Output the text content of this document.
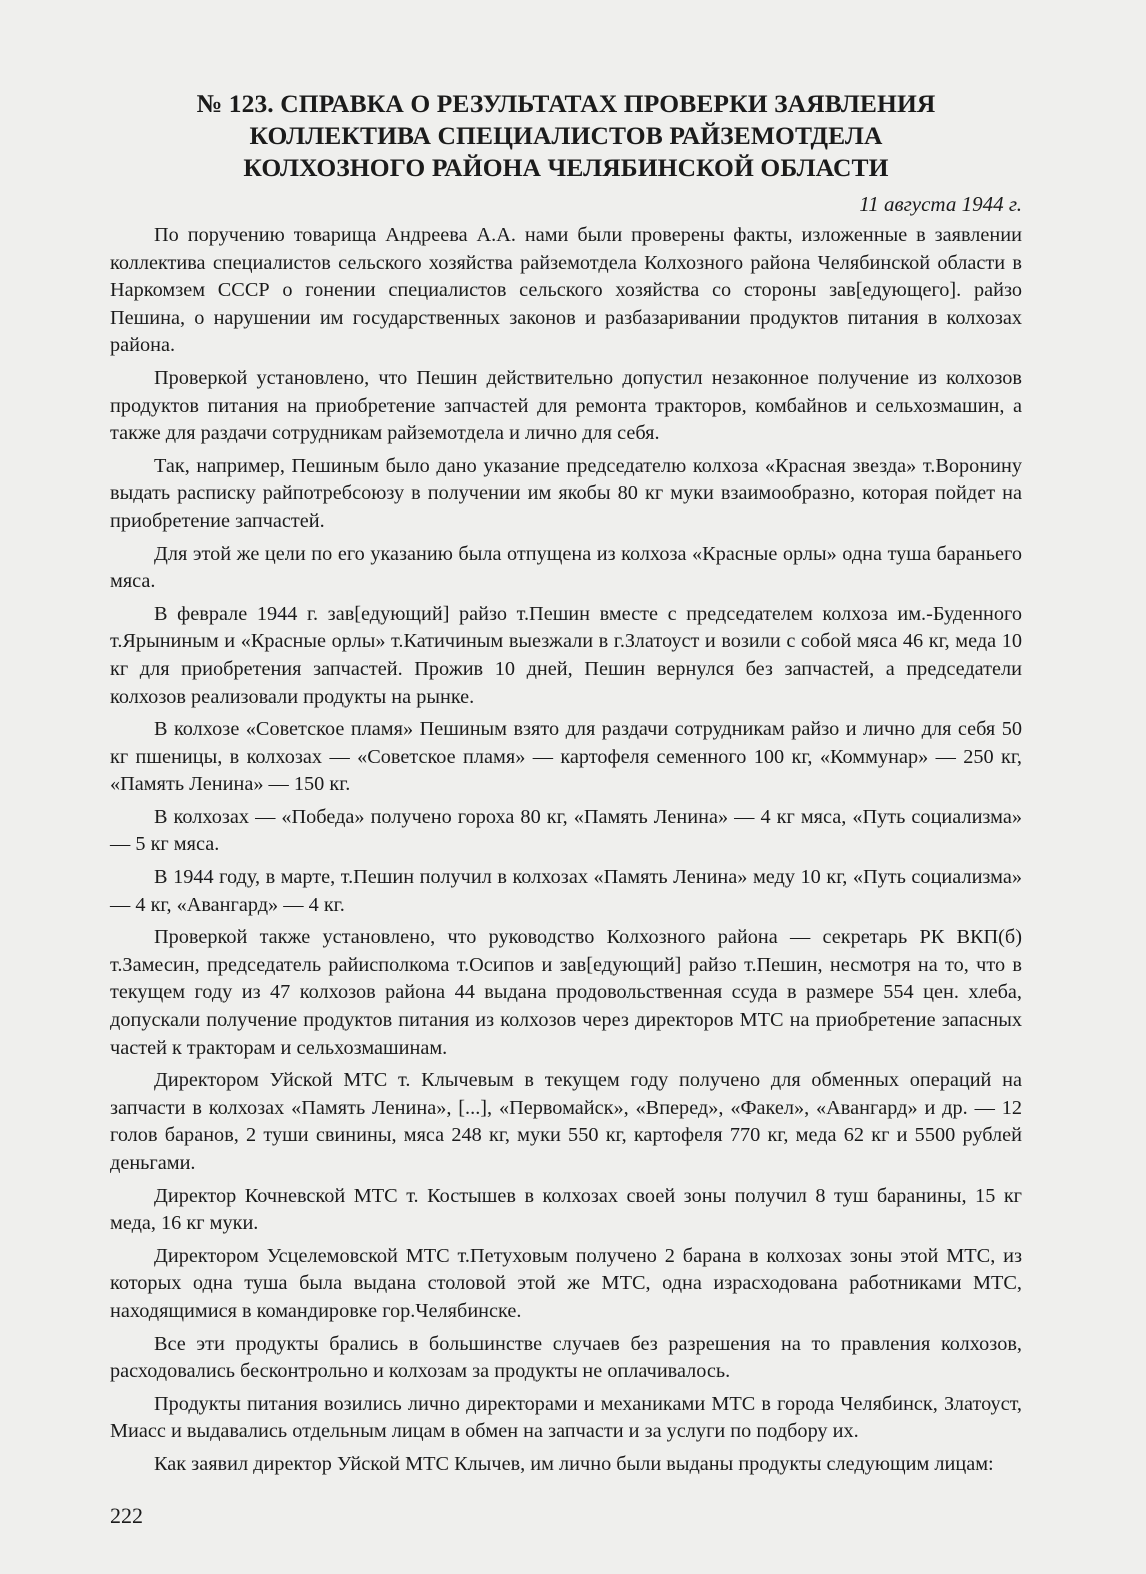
№ 123. СПРАВКА О РЕЗУЛЬТАТАХ ПРОВЕРКИ ЗАЯВЛЕНИЯ
КОЛЛЕКТИВА СПЕЦИАЛИСТОВ РАЙЗЕМОТДЕЛА
КОЛХОЗНОГО РАЙОНА ЧЕЛЯБИНСКОЙ ОБЛАСТИ
11 августа 1944 г.

По поручению товарища Андреева А.А. нами были проверены факты, изложенные в заявлении коллектива специалистов сельского хозяйства райземотдела Колхозного района Челябинской области в Наркомзем СССР о гонении специалистов сельского хозяйства со стороны зав[едующего]. райзо Пешина, о нарушении им государственных законов и разбазаривании продуктов питания в колхозах района.

Проверкой установлено, что Пешин действительно допустил незаконное получение из колхозов продуктов питания на приобретение запчастей для ремонта тракторов, комбайнов и сельхозмашин, а также для раздачи сотрудникам райземотдела и лично для себя.

Так, например, Пешиным было дано указание председателю колхоза «Красная звезда» т.Воронину выдать расписку райпотребсоюзу в получении им якобы 80 кг муки взаимообразно, которая пойдет на приобретение запчастей.

Для этой же цели по его указанию была отпущена из колхоза «Красные орлы» одна туша бараньего мяса.

В феврале 1944 г. зав[едующий] райзо т.Пешин вместе с председателем колхоза им.-Буденного т.Ярыниным и «Красные орлы» т.Катичиным выезжали в г.Златоуст и возили с собой мяса 46 кг, меда 10 кг для приобретения запчастей. Прожив 10 дней, Пешин вернулся без запчастей, а председатели колхозов реализовали продукты на рынке.

В колхозе «Советское пламя» Пешиным взято для раздачи сотрудникам райзо и лично для себя 50 кг пшеницы, в колхозах — «Советское пламя» — картофеля семенного 100 кг, «Коммунар» — 250 кг, «Память Ленина» — 150 кг.

В колхозах — «Победа» получено гороха 80 кг, «Память Ленина» — 4 кг мяса, «Путь социализма» — 5 кг мяса.

В 1944 году, в марте, т.Пешин получил в колхозах «Память Ленина» меду 10 кг, «Путь социализма» — 4 кг, «Авангард» — 4 кг.

Проверкой также установлено, что руководство Колхозного района — секретарь РК ВКП(б) т.Замесин, председатель райисполкома т.Осипов и зав[едующий] райзо т.Пешин, несмотря на то, что в текущем году из 47 колхозов района 44 выдана продовольственная ссуда в размере 554 цен. хлеба, допускали получение продуктов питания из колхозов через директоров МТС на приобретение запасных частей к тракторам и сельхозмашинам.

Директором Уйской МТС т. Клычевым в текущем году получено для обменных операций на запчасти в колхозах «Память Ленина», [...], «Первомайск», «Вперед», «Факел», «Авангард» и др. — 12 голов баранов, 2 туши свинины, мяса 248 кг, муки 550 кг, картофеля 770 кг, меда 62 кг и 5500 рублей деньгами.

Директор Кочневской МТС т. Костышев в колхозах своей зоны получил 8 туш баранины, 15 кг меда, 16 кг муки.

Директором Усцелемовской МТС т.Петуховым получено 2 барана в колхозах зоны этой МТС, из которых одна туша была выдана столовой этой же МТС, одна израсходована работниками МТС, находящимися в командировке гор.Челябинске.

Все эти продукты брались в большинстве случаев без разрешения на то правления колхозов, расходовались бесконтрольно и колхозам за продукты не оплачивалось.

Продукты питания возились лично директорами и механиками МТС в города Челябинск, Златоуст, Миасс и выдавались отдельным лицам в обмен на запчасти и за услуги по подбору их.

Как заявил директор Уйской МТС Клычев, им лично были выданы продукты следующим лицам:

222
